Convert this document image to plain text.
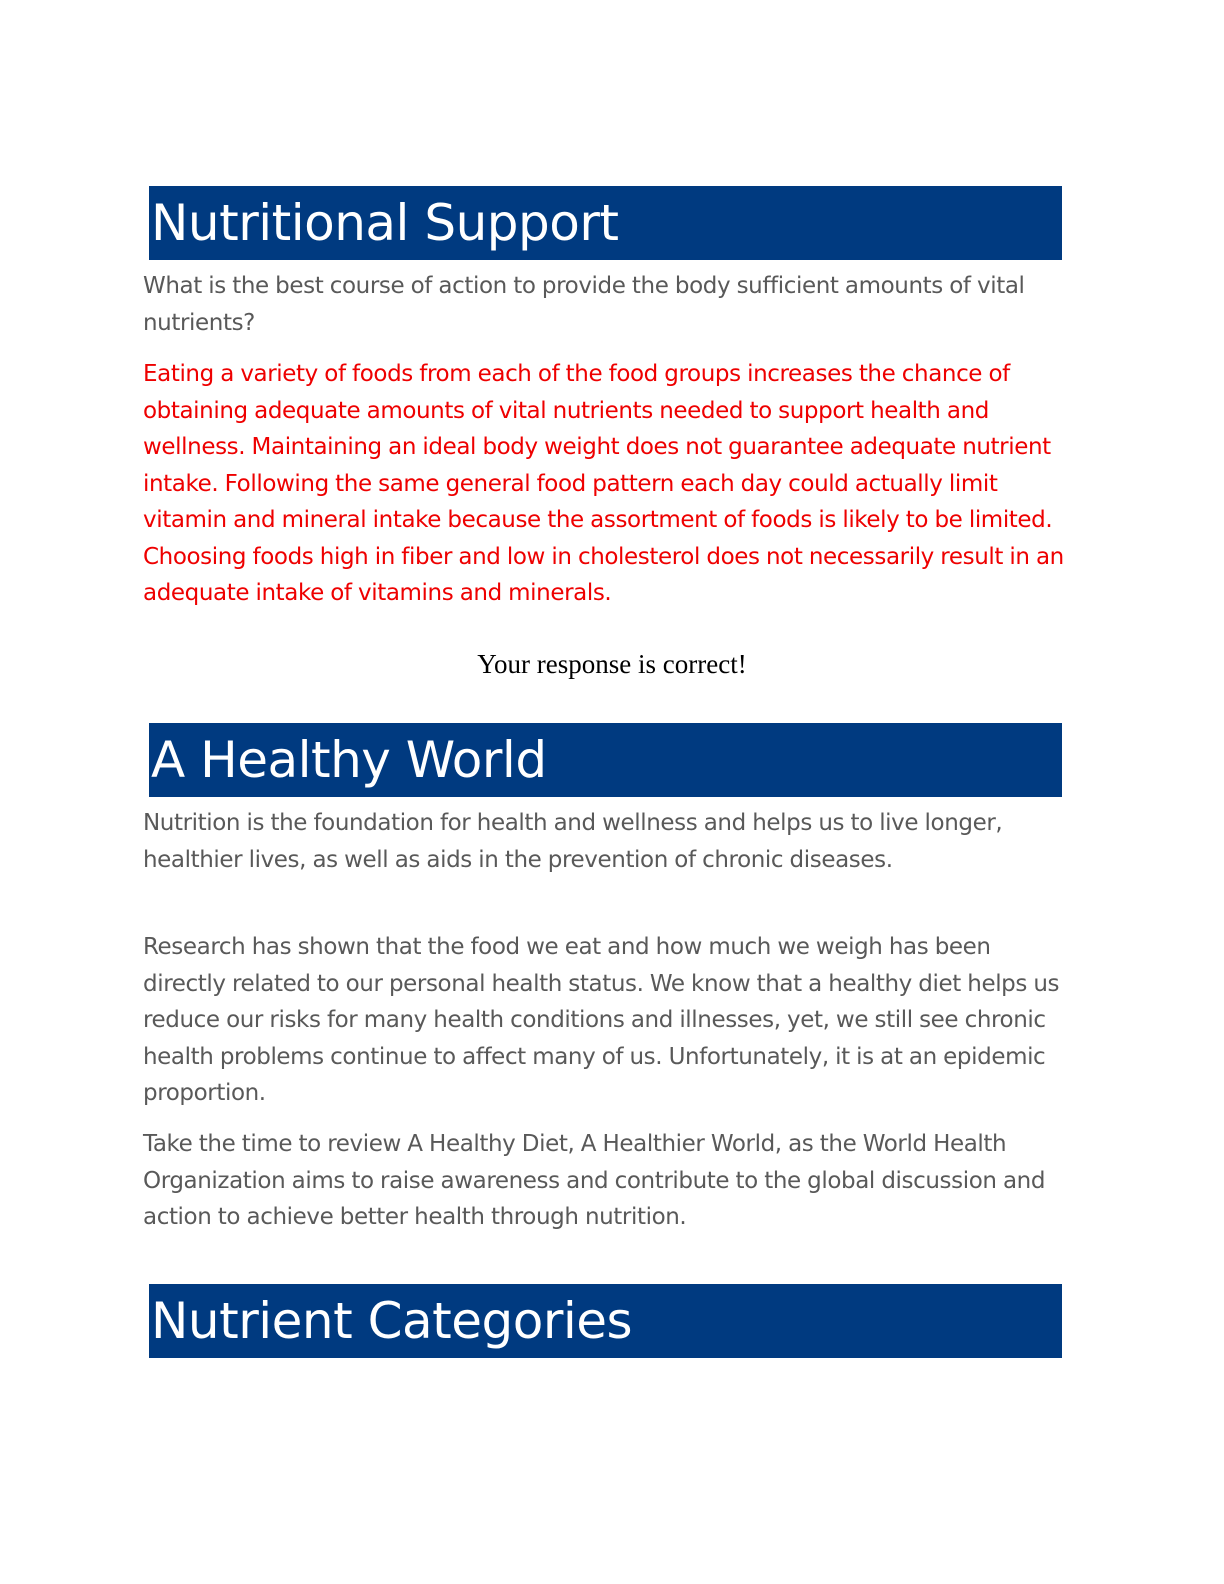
Nutritional Support

What is the best course of action to provide the body sufficient amounts of vital nutrients?

Eating a variety of foods from each of the food groups increases the chance of obtaining adequate amounts of vital nutrients needed to support health and wellness. Maintaining an ideal body weight does not guarantee adequate nutrient intake. Following the same general food pattern each day could actually limit vitamin and mineral intake because the assortment of foods is likely to be limited. Choosing foods high in fiber and low in cholesterol does not necessarily result in an adequate intake of vitamins and minerals.

Your response is correct!
A Healthy World

Nutrition is the foundation for health and wellness and helps us to live longer, healthier lives, as well as aids in the prevention of chronic diseases.

Research has shown that the food we eat and how much we weigh has been directly related to our personal health status. We know that a healthy diet helps us reduce our risks for many health conditions and illnesses, yet, we still see chronic health problems continue to affect many of us. Unfortunately, it is at an epidemic proportion.

Take the time to review A Healthy Diet, A Healthier World, as the World Health Organization aims to raise awareness and contribute to the global discussion and action to achieve better health through nutrition.

Nutrient Categories
